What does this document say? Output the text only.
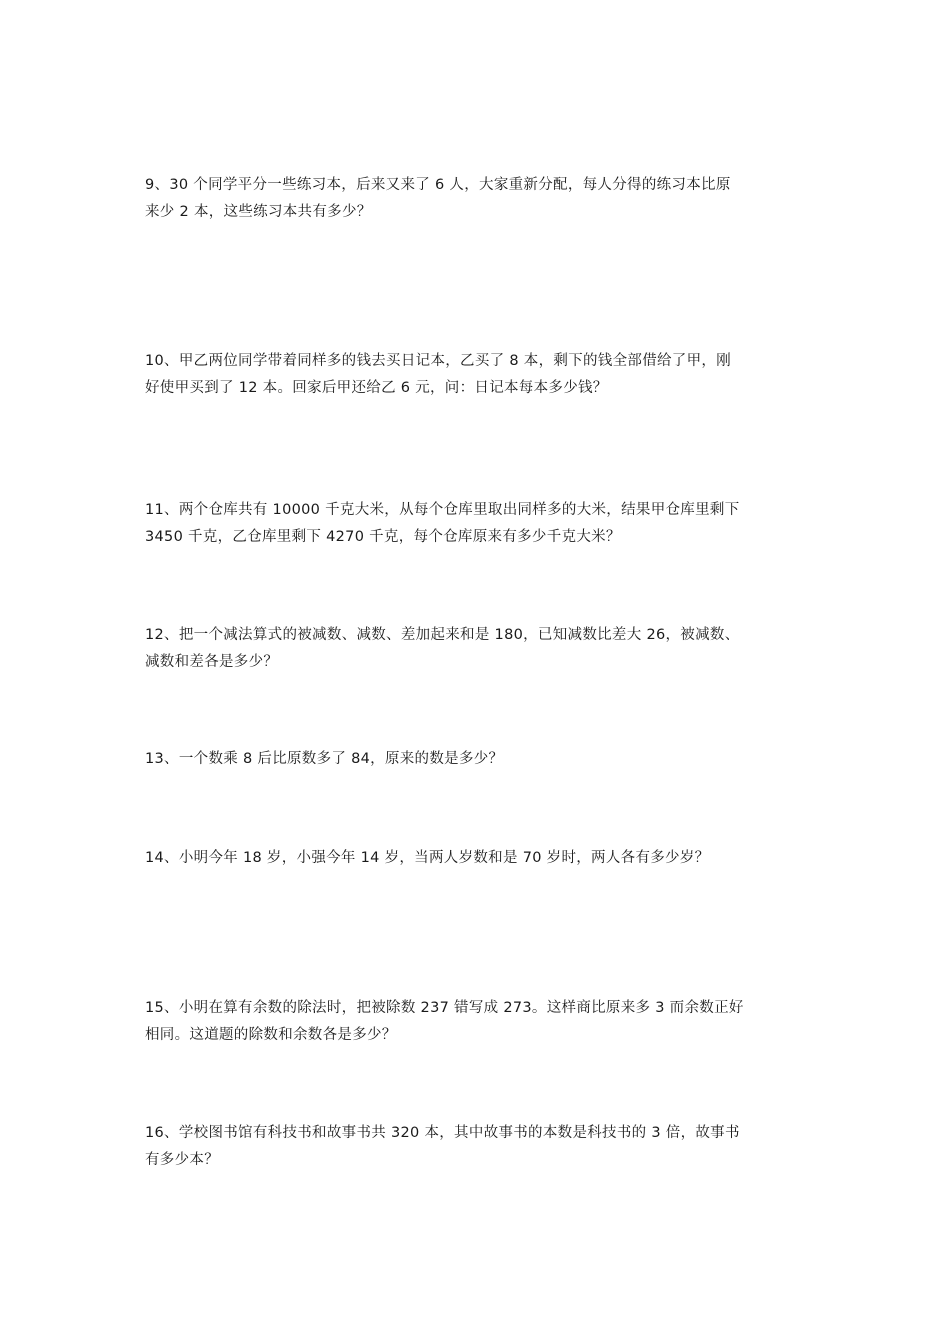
9、30 个同学平分一些练习本，后来又来了 6 人，大家重新分配，每人分得的练习本比原
来少 2 本，这些练习本共有多少？

10、甲乙两位同学带着同样多的钱去买日记本，乙买了 8 本，剩下的钱全部借给了甲，刚
好使甲买到了 12 本。回家后甲还给乙 6 元，问：日记本每本多少钱？

11、两个仓库共有 10000 千克大米，从每个仓库里取出同样多的大米，结果甲仓库里剩下
3450 千克，乙仓库里剩下 4270 千克，每个仓库原来有多少千克大米？

12、把一个减法算式的被减数、减数、差加起来和是 180，已知减数比差大 26，被减数、
减数和差各是多少？

13、一个数乘 8 后比原数多了 84，原来的数是多少？

14、小明今年 18 岁，小强今年 14 岁，当两人岁数和是 70 岁时，两人各有多少岁？

15、小明在算有余数的除法时，把被除数 237 错写成 273。这样商比原来多 3 而余数正好
相同。这道题的除数和余数各是多少？

16、学校图书馆有科技书和故事书共 320 本，其中故事书的本数是科技书的 3 倍，故事书
有多少本？
